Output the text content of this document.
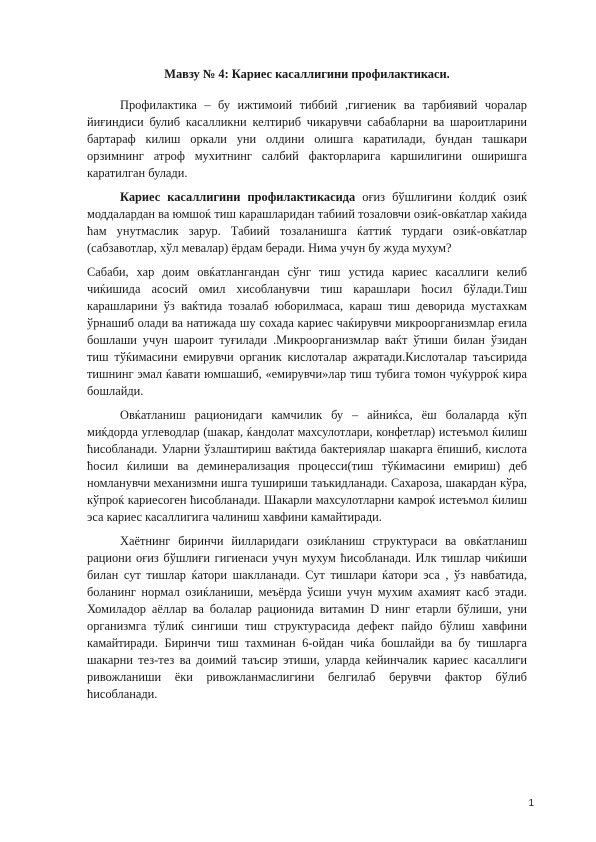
Мавзу № 4: Кариес касаллигини профилактикаси.

Профилактика – бу ижтимоий тиббий ,гигиеник ва тарбиявий чоралар йиғиндиси булиб касалликни келтириб чикарувчи сабабларни ва шароитларини бартараф килиш оркали уни олдини олишга каратилади, бундан ташкари орзимнинг атроф мухитнинг салбий факторларига каршилигини оширишга каратилган булади.

Кариес касаллигини профилактикасида оғиз бўшлиғини ќолдиќ озиќ моддалардан ва юмшоќ тиш карашларидан табиий тозаловчи озиќ-овќатлар хаќида ћам унутмаслик зарур. Табиий тозаланишга ќаттиќ турдаги озиќ-овќатлар (сабзавотлар, хўл мевалар) ёрдам беради. Нима учун бу жуда мухум?

Сабаби, хар доим овќатлангандан сўнг тиш устида кариес касаллиги келиб чиќишида асосий омил хисобланувчи тиш карашлари ћосил бўлади.Тиш карашларини ўз ваќтида тозалаб юборилмаса, караш тиш деворида мустахкам ўрнашиб олади ва натижада шу сохада кариес чаќирувчи микроорганизмлар еғила бошлаши учун шароит туғилади .Микроорганизмлар ваќт ўтиши билан ўзидан тиш тўќимасини емирувчи органик кислоталар ажратади.Кислоталар таъсирида тишнинг эмал ќавати юмшашиб, «емирувчи»лар тиш тубига томон чуќурроќ кира бошлайди.

Овќатланиш рационидаги камчилик бу – айниќса, ёш болаларда кўп миќдорда углеводлар (шакар, ќандолат махсулотлари, конфетлар) истеъмол ќилиш ћисобланади. Уларни ўзлаштириш ваќтида бактериялар шакарга ёпишиб, кислота ћосил ќилиши ва деминерализация процесси(тиш тўќимасини емириш) деб номланувчи механизмни ишга тушириши таъкидланади. Сахароза, шакардан кўра, кўпроќ кариесоген ћисобланади. Шакарли махсулотларни камроќ истеъмол ќилиш эса кариес касаллигига чалиниш хавфини камайтиради.

Хаётнинг биринчи йилларидаги озиќланиш структураси ва овќатланиш рациони оғиз бўшлиғи гигиенаси учун мухум ћисобланади. Илк тишлар чиќиши билан сут тишлар ќатори шаклланади. Сут тишлари ќатори эса , ўз навбатида, боланинг нормал озиќланиши, меъёрда ўсиши учун мухим ахамият касб этади. Хомиладор аёллар ва болалар рационида витамин D нинг етарли бўлиши, уни организмга тўлиќ сингиши тиш структурасида дефект пайдо бўлиш хавфини камайтиради. Биринчи тиш тахминан 6-ойдан чиќа бошлайди ва бу тишларга шакарни тез-тез ва доимий таъсир этиши, уларда кейинчалик кариес касаллиги ривожланиши ёки ривожланмаслигини белгилаб берувчи фактор бўлиб ћисобланади.

1
